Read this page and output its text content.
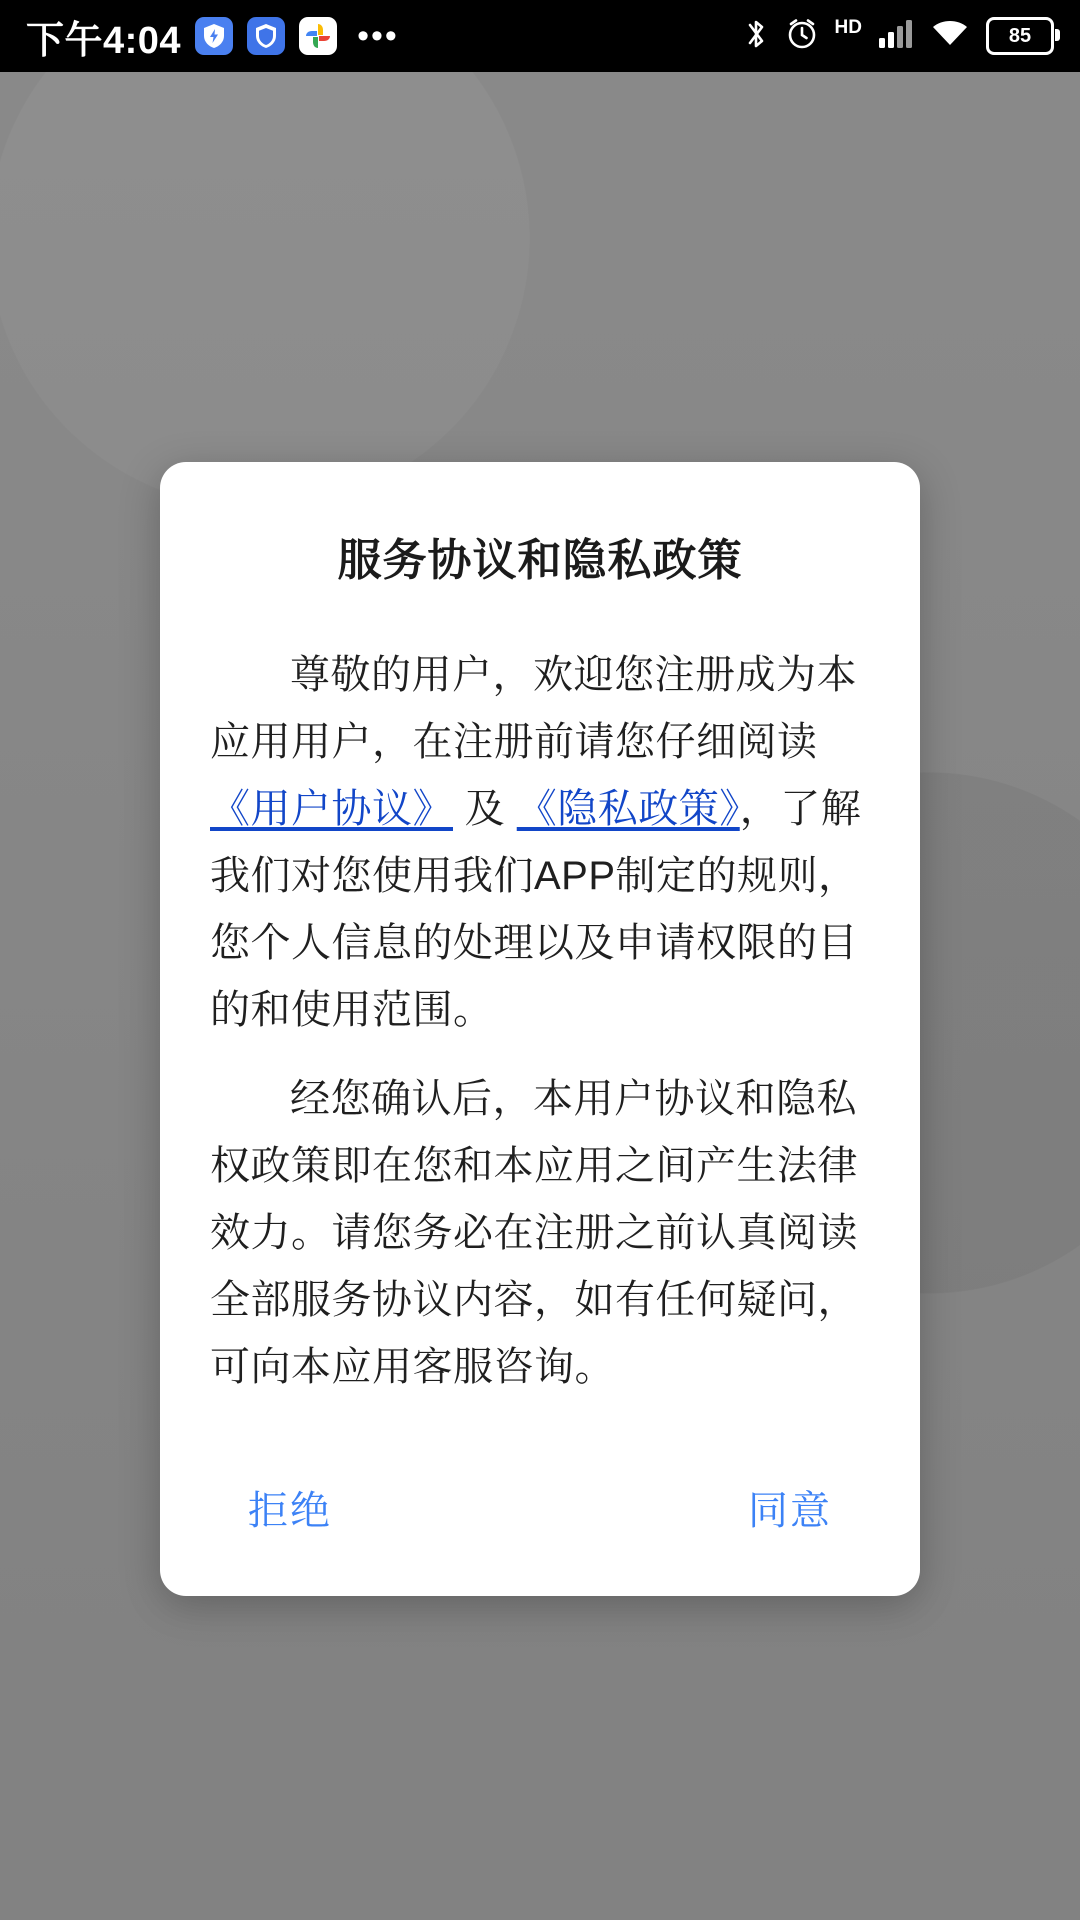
下午4:04	•••	HD	85
服务协议和隐私政策

尊敬的用户，欢迎您注册成为本应用用户，在注册前请您仔细阅读《用户协议》 及 《隐私政策》，了解我们对您使用我们APP制定的规则，您个人信息的处理以及申请权限的目的和使用范围。

经您确认后，本用户协议和隐私权政策即在您和本应用之间产生法律效力。请您务必在注册之前认真阅读全部服务协议内容，如有任何疑问，可向本应用客服咨询。

拒绝	同意
